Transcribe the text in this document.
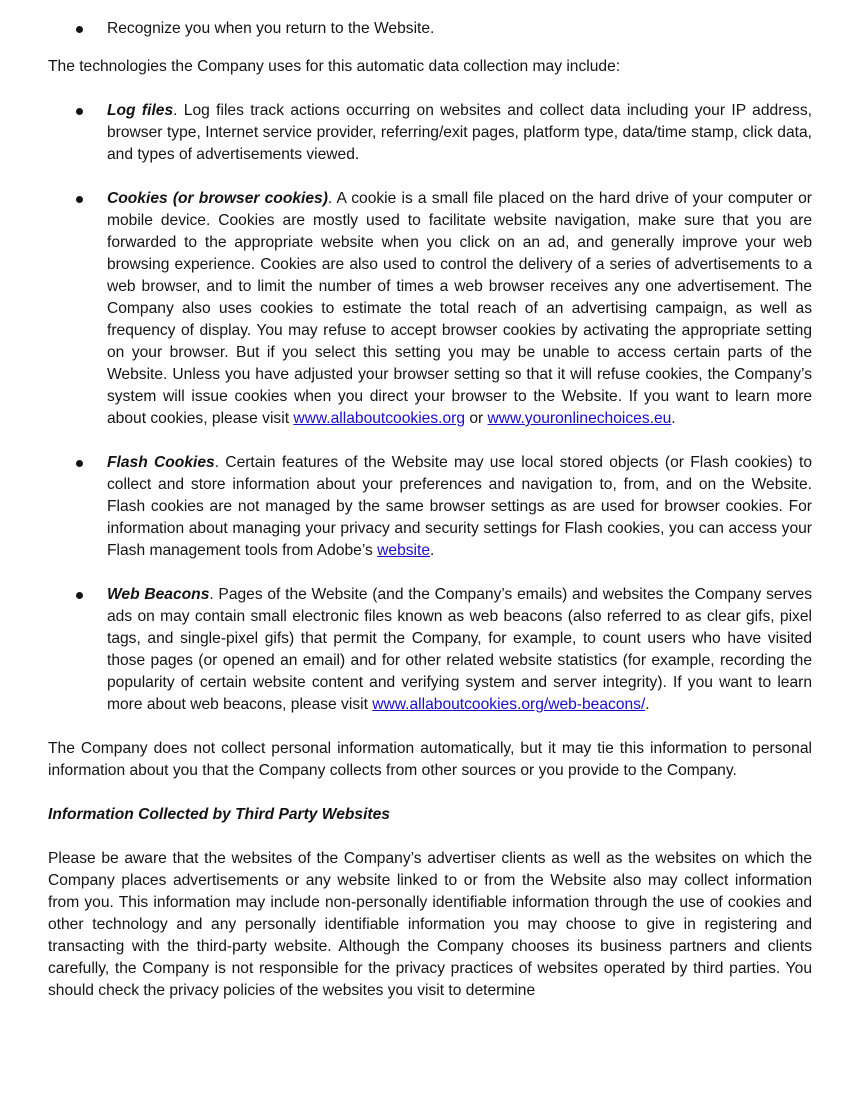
Recognize you when you return to the Website.

The technologies the Company uses for this automatic data collection may include:

Log files. Log files track actions occurring on websites and collect data including your IP address, browser type, Internet service provider, referring/exit pages, platform type, data/time stamp, click data, and types of advertisements viewed.
Cookies (or browser cookies). A cookie is a small file placed on the hard drive of your computer or mobile device. Cookies are mostly used to facilitate website navigation, make sure that you are forwarded to the appropriate website when you click on an ad, and generally improve your web browsing experience. Cookies are also used to control the delivery of a series of advertisements to a web browser, and to limit the number of times a web browser receives any one advertisement. The Company also uses cookies to estimate the total reach of an advertising campaign, as well as frequency of display. You may refuse to accept browser cookies by activating the appropriate setting on your browser. But if you select this setting you may be unable to access certain parts of the Website. Unless you have adjusted your browser setting so that it will refuse cookies, the Company’s system will issue cookies when you direct your browser to the Website. If you want to learn more about cookies, please visit www.allaboutcookies.org or www.youronlinechoices.eu.
Flash Cookies. Certain features of the Website may use local stored objects (or Flash cookies) to collect and store information about your preferences and navigation to, from, and on the Website. Flash cookies are not managed by the same browser settings as are used for browser cookies. For information about managing your privacy and security settings for Flash cookies, you can access your Flash management tools from Adobe’s website.
Web Beacons. Pages of the Website (and the Company’s emails) and websites the Company serves ads on may contain small electronic files known as web beacons (also referred to as clear gifs, pixel tags, and single-pixel gifs) that permit the Company, for example, to count users who have visited those pages (or opened an email) and for other related website statistics (for example, recording the popularity of certain website content and verifying system and server integrity). If you want to learn more about web beacons, please visit www.allaboutcookies.org/web-beacons/.

The Company does not collect personal information automatically, but it may tie this information to personal information about you that the Company collects from other sources or you provide to the Company.

Information Collected by Third Party Websites

Please be aware that the websites of the Company’s advertiser clients as well as the websites on which the Company places advertisements or any website linked to or from the Website also may collect information from you. This information may include non-personally identifiable information through the use of cookies and other technology and any personally identifiable information you may choose to give in registering and transacting with the third-party website. Although the Company chooses its business partners and clients carefully, the Company is not responsible for the privacy practices of websites operated by third parties. You should check the privacy policies of the websites you visit to determine
